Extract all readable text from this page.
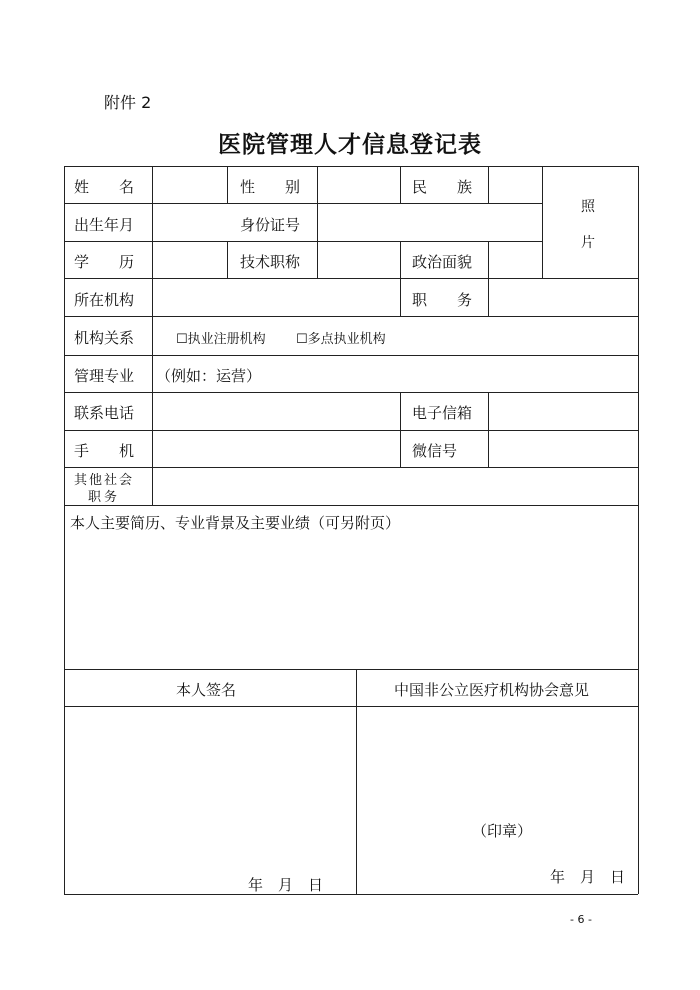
附件 2
医院管理人才信息登记表
姓　　名	性　　别	民　　族
照
片
出生年月	身份证号
学　　历	技术职称	政治面貌
所在机构	职　　务
机构关系	☐执业注册机构 ☐多点执业机构
管理专业 （例如：运营）
联系电话	电子信箱
手　　机	微信号
其他社会
职务
本人主要简历、专业背景及主要业绩（可另附页）
本人签名	中国非公立医疗机构协会意见
（印章）
年　月　日	年　月　日
- 6 -
